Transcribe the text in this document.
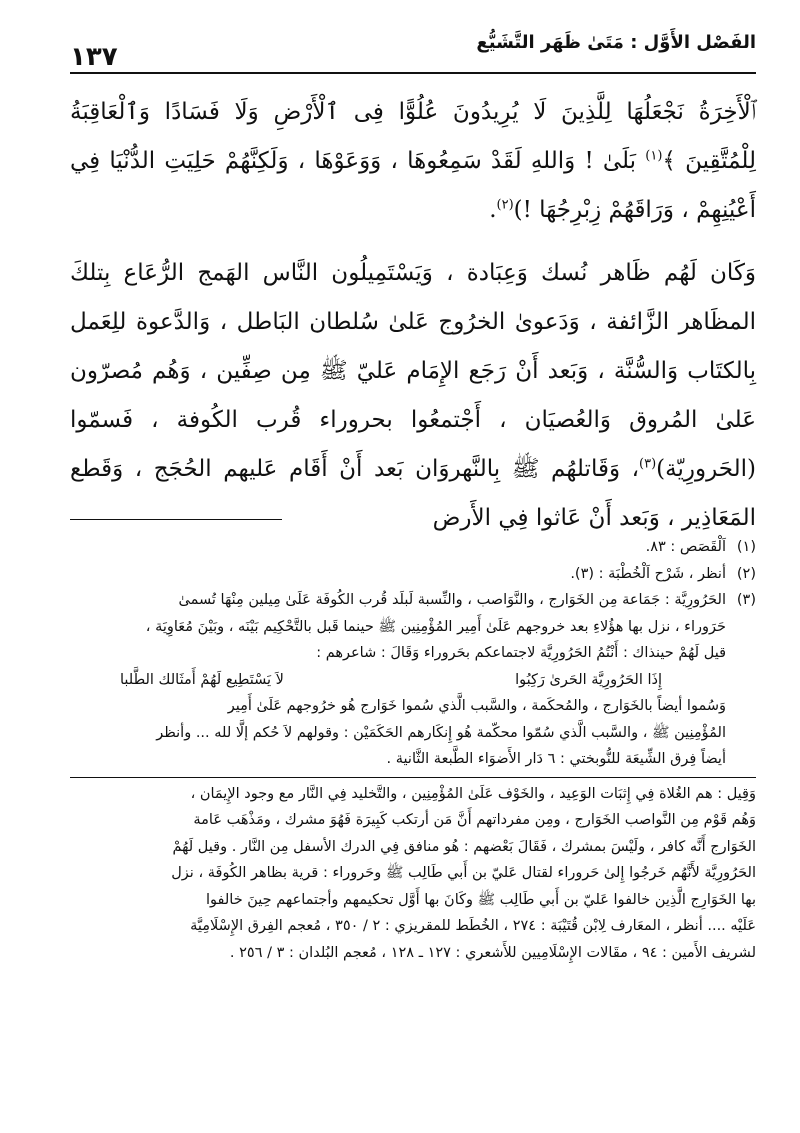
الفَصْل الأَوَّل : مَتَىٰ ظَهَر التَّشَيُّع
١٣٧

ﭐلْأَخِرَةُ نَجْعَلُهَا لِلَّذِينَ لَا يُرِيدُونَ عُلُوًّا فِى ٱلْأَرْضِ وَلَا فَسَادًا وَٱلْعَاقِبَةُ لِلْمُتَّقِينَ ﴾$^{(١)}$ بَلَىٰ ! وَاللهِ لَقَدْ سَمِعُوهَا ، وَوَعَوْهَا ، وَلَكِنَّهُمْ حَلِيَتِ الدُّنْيَا فِي أَعْيُنِهِمْ ، وَرَاقَهُمْ زِبْرِجُهَا !)$^{(٢)}$.

وَكَان لَهُم ظَاهر نُسك وَعِبَادة ، وَيَسْتَمِيلُون النَّاس الهَمج الرُّعَاع بِتلكَ المظَاهر الزَّائفة ، وَدَعوىٰ الخرُوج عَلىٰ سُلطان البَاطل ، وَالدَّعوة للِعَمل بِالكتَاب وَالسُّنَّة ، وَبَعد أَنْ رَجَع الإِمَام عَليّ ﷺ مِن صِفِّين ، وَهُم مُصرّون عَلىٰ المُروق وَالعُصيَان ، أَجْتمعُوا بحروراء قُرب الكُوفة ، فَسمّوا (الحَرورِيّة)$^{(٣)}$، وَقَاتلهُم ﷺ بِالنَّهروَان بَعد أَنْ أَقَام عَليهم الحُجَج ، وَقَطع المَعَاذِير ، وَبَعد أَنْ عَاثوا فِي الأَرض

(١)اَلْقَصَص : ٨٣.

(٢)أنظر ، شَرْح اَلْخُطْبَة : (٣).

(٣)الحَرُورِيَّة : جَمَاعة مِن الخَوَارج ، والنَّوَاصب ، والنِّسبة لَبلَد قُرب الكُوفَة عَلَىٰ مِيلين مِنْهَا تُسمىٰ

حَرَوراء ، نزل بها هؤُلاءِ بعد خروجهم عَلَىٰ أَمِير المُؤْمِنِين ﷺ حينما قَبل بالتَّحْكِيم بَيْنَه ، وبَيْنَ مُعَاوِيَة ،

قيل لَهُمْ حينذاك : أَنْتُمُ الحَرُورِيَّة لاجتماعكم بحَروراء وَقَالَ : شاعرهم :

إِذَا الحَرُورِيَّة الحَرىٰ رَكِبُوا
لاَ يَسْتَطِيع لَهُمْ أَمثَالك الطَّلبا

وَسُموا أيضاً بالخَوَارج ، والمُحكَمة ، والسَّبب الَّذي سُموا خَوَارج هُو خرُوجهم عَلَىٰ أَمِير

المُؤْمِنِين ﷺ ، والسَّبب الَّذي سُمّوا محكّمة هُو إِنكَارهم الحَكَمَيْن : وقولهم لاَ حُكم إلَّا لله ... وأنظر

أيضاً فِرق الشِّيعَة للنُّوبختي : ٦ دَار الأَضوَاء الطَّبعة الثَّانية .

وَقِيل : هم الغُلاة فِي إِثبَات الوَعِيد ، والخَوْف عَلَىٰ المُؤْمِنِين ، والتَّخليد فِي النَّار مع وجود الإِيمَان ،

وَهُم قَوْم مِن النَّواصب الخَوَارج ، ومِن مفرداتهم أَنَّ مَن أرتكب كَبِيرَة فَهُوَ مشرك ، ومَذْهَب عَامة

الخَوَارج أَنَّه كافر ، ولَيْسَ بمشرك ، فَقَالَ بَعْضهم : هُو منافق فِي الدرك الأسفل مِن النَّار . وقيل لَهُمْ

الحَرُورِيَّة لأَنَّهُم خَرجُوا إِلىٰ حَروراء لقتال عَليّ بن أَبي طَالِب ﷺ وحَروراء : قرية بظاهر الكُوفَة ، نزل

بها الخَوَارِج الَّذِين خالفوا عَليّ بن أَبي طَالِب ﷺ وكَانَ بها أَوَّل تحكيمهم وأجتماعهم حِينَ خالفوا

عَلَيْه .... أنظر ، المعَارف لِابْن قُتَيْبَة : ٢٧٤ ، الخُطَط للمقريزي : ٢ / ٣٥٠ ، مُعجم الفِرق الإِسْلَامِيَّة

لشريف الأَمين : ٩٤ ، مقَالات الإِسْلَامِيين للأَشعري : ١٢٧ ـ ١٢٨ ، مُعجم البُلدان : ٣ / ٢٥٦ .
